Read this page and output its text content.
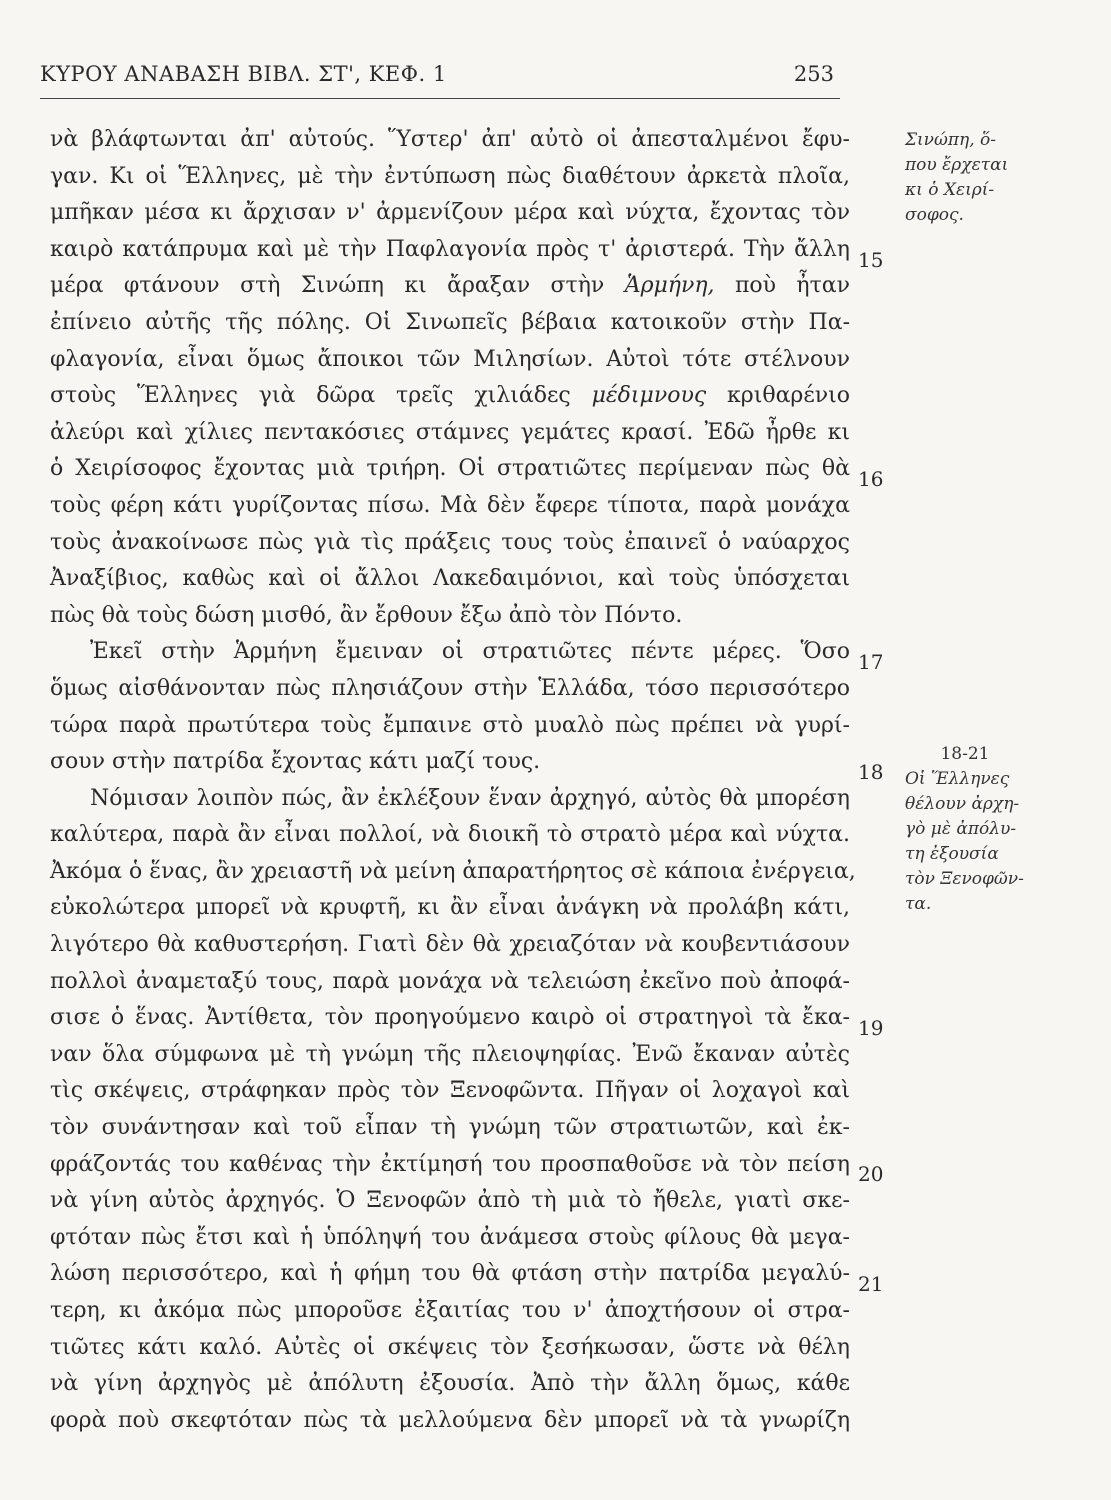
ΚΥΡΟΥ ΑΝΑΒΑΣΗ ΒΙΒΛ. ΣΤ', ΚΕΦ. 1	253
νὰ βλάφτωνται ἀπ' αὐτούς. Ὕστερ' ἀπ' αὐτὸ οἱ ἀπεσταλμένοι ἔφυ-
γαν. Κι οἱ Ἕλληνες, μὲ τὴν ἐντύπωση πὼς διαθέτουν ἀρκετὰ πλοῖα,
μπῆκαν μέσα κι ἄρχισαν ν' ἀρμενίζουν μέρα καὶ νύχτα, ἔχοντας τὸν
καιρὸ κατάπρυμα καὶ μὲ τὴν Παφλαγονία πρὸς τ' ἀριστερά. Τὴν ἄλλη
μέρα φτάνουν στὴ Σινώπη κι ἄραξαν στὴν Ἁρμήνη, ποὺ ἦταν
ἐπίνειο αὐτῆς τῆς πόλης. Οἱ Σινωπεῖς βέβαια κατοικοῦν στὴν Πα-
φλαγονία, εἶναι ὅμως ἄποικοι τῶν Μιλησίων. Αὐτοὶ τότε στέλνουν
στοὺς Ἕλληνες γιὰ δῶρα τρεῖς χιλιάδες μέδιμνους κριθαρένιο
ἀλεύρι καὶ χίλιες πεντακόσιες στάμνες γεμάτες κρασί. Ἐδῶ ἦρθε κι
ὁ Χειρίσοφος ἔχοντας μιὰ τριήρη. Οἱ στρατιῶτες περίμεναν πὼς θὰ
τοὺς φέρη κάτι γυρίζοντας πίσω. Μὰ δὲν ἔφερε τίποτα, παρὰ μονάχα
τοὺς ἀνακοίνωσε πὼς γιὰ τὶς πράξεις τους τοὺς ἐπαινεῖ ὁ ναύαρχος
Ἀναξίβιος, καθὼς καὶ οἱ ἄλλοι Λακεδαιμόνιοι, καὶ τοὺς ὑπόσχεται
πὼς θὰ τοὺς δώση μισθό, ἂν ἔρθουν ἔξω ἀπὸ τὸν Πόντο.
Ἐκεῖ στὴν Ἁρμήνη ἔμειναν οἱ στρατιῶτες πέντε μέρες. Ὅσο
ὅμως αἰσθάνονταν πὼς πλησιάζουν στὴν Ἑλλάδα, τόσο περισσότερο
τώρα παρὰ πρωτύτερα τοὺς ἔμπαινε στὸ μυαλὸ πὼς πρέπει νὰ γυρί-
σουν στὴν πατρίδα ἔχοντας κάτι μαζί τους.
Νόμισαν λοιπὸν πώς, ἂν ἐκλέξουν ἕναν ἀρχηγό, αὐτὸς θὰ μπορέση
καλύτερα, παρὰ ἂν εἶναι πολλοί, νὰ διοικῆ τὸ στρατὸ μέρα καὶ νύχτα.
Ἀκόμα ὁ ἕνας, ἂν χρειαστῆ νὰ μείνη ἀπαρατήρητος σὲ κάποια ἐνέργεια,
εὐκολώτερα μπορεῖ νὰ κρυφτῆ, κι ἂν εἶναι ἀνάγκη νὰ προλάβη κάτι,
λιγότερο θὰ καθυστερήση. Γιατὶ δὲν θὰ χρειαζόταν νὰ κουβεντιάσουν
πολλοὶ ἀναμεταξύ τους, παρὰ μονάχα νὰ τελειώση ἐκεῖνο ποὺ ἀποφά-
σισε ὁ ἕνας. Ἀντίθετα, τὸν προηγούμενο καιρὸ οἱ στρατηγοὶ τὰ ἔκα-
ναν ὅλα σύμφωνα μὲ τὴ γνώμη τῆς πλειοψηφίας. Ἐνῶ ἔκαναν αὐτὲς
τὶς σκέψεις, στράφηκαν πρὸς τὸν Ξενοφῶντα. Πῆγαν οἱ λοχαγοὶ καὶ
τὸν συνάντησαν καὶ τοῦ εἶπαν τὴ γνώμη τῶν στρατιωτῶν, καὶ ἐκ-
φράζοντάς του καθένας τὴν ἐκτίμησή του προσπαθοῦσε νὰ τὸν πείση
νὰ γίνη αὐτὸς ἀρχηγός. Ὁ Ξενοφῶν ἀπὸ τὴ μιὰ τὸ ἤθελε, γιατὶ σκε-
φτόταν πὼς ἔτσι καὶ ἡ ὑπόληψή του ἀνάμεσα στοὺς φίλους θὰ μεγα-
λώση περισσότερο, καὶ ἡ φήμη του θὰ φτάση στὴν πατρίδα μεγαλύ-
τερη, κι ἀκόμα πὼς μποροῦσε ἐξαιτίας του ν' ἀποχτήσουν οἱ στρα-
τιῶτες κάτι καλό. Αὐτὲς οἱ σκέψεις τὸν ξεσήκωσαν, ὥστε νὰ θέλη
νὰ γίνη ἀρχηγὸς μὲ ἀπόλυτη ἐξουσία. Ἀπὸ τὴν ἄλλη ὅμως, κάθε
φορὰ ποὺ σκεφτόταν πὼς τὰ μελλούμενα δὲν μπορεῖ νὰ τὰ γνωρίζη
15
16
17
18
19
20
21
Σινώπη, ὅ-
που ἔρχεται
κι ὁ Χειρί-
σοφος.
18-21
Οἱ Ἕλληνες
θέλουν ἀρχη-
γὸ μὲ ἀπόλυ-
τη ἐξουσία
τὸν Ξενοφῶν-
τα.
